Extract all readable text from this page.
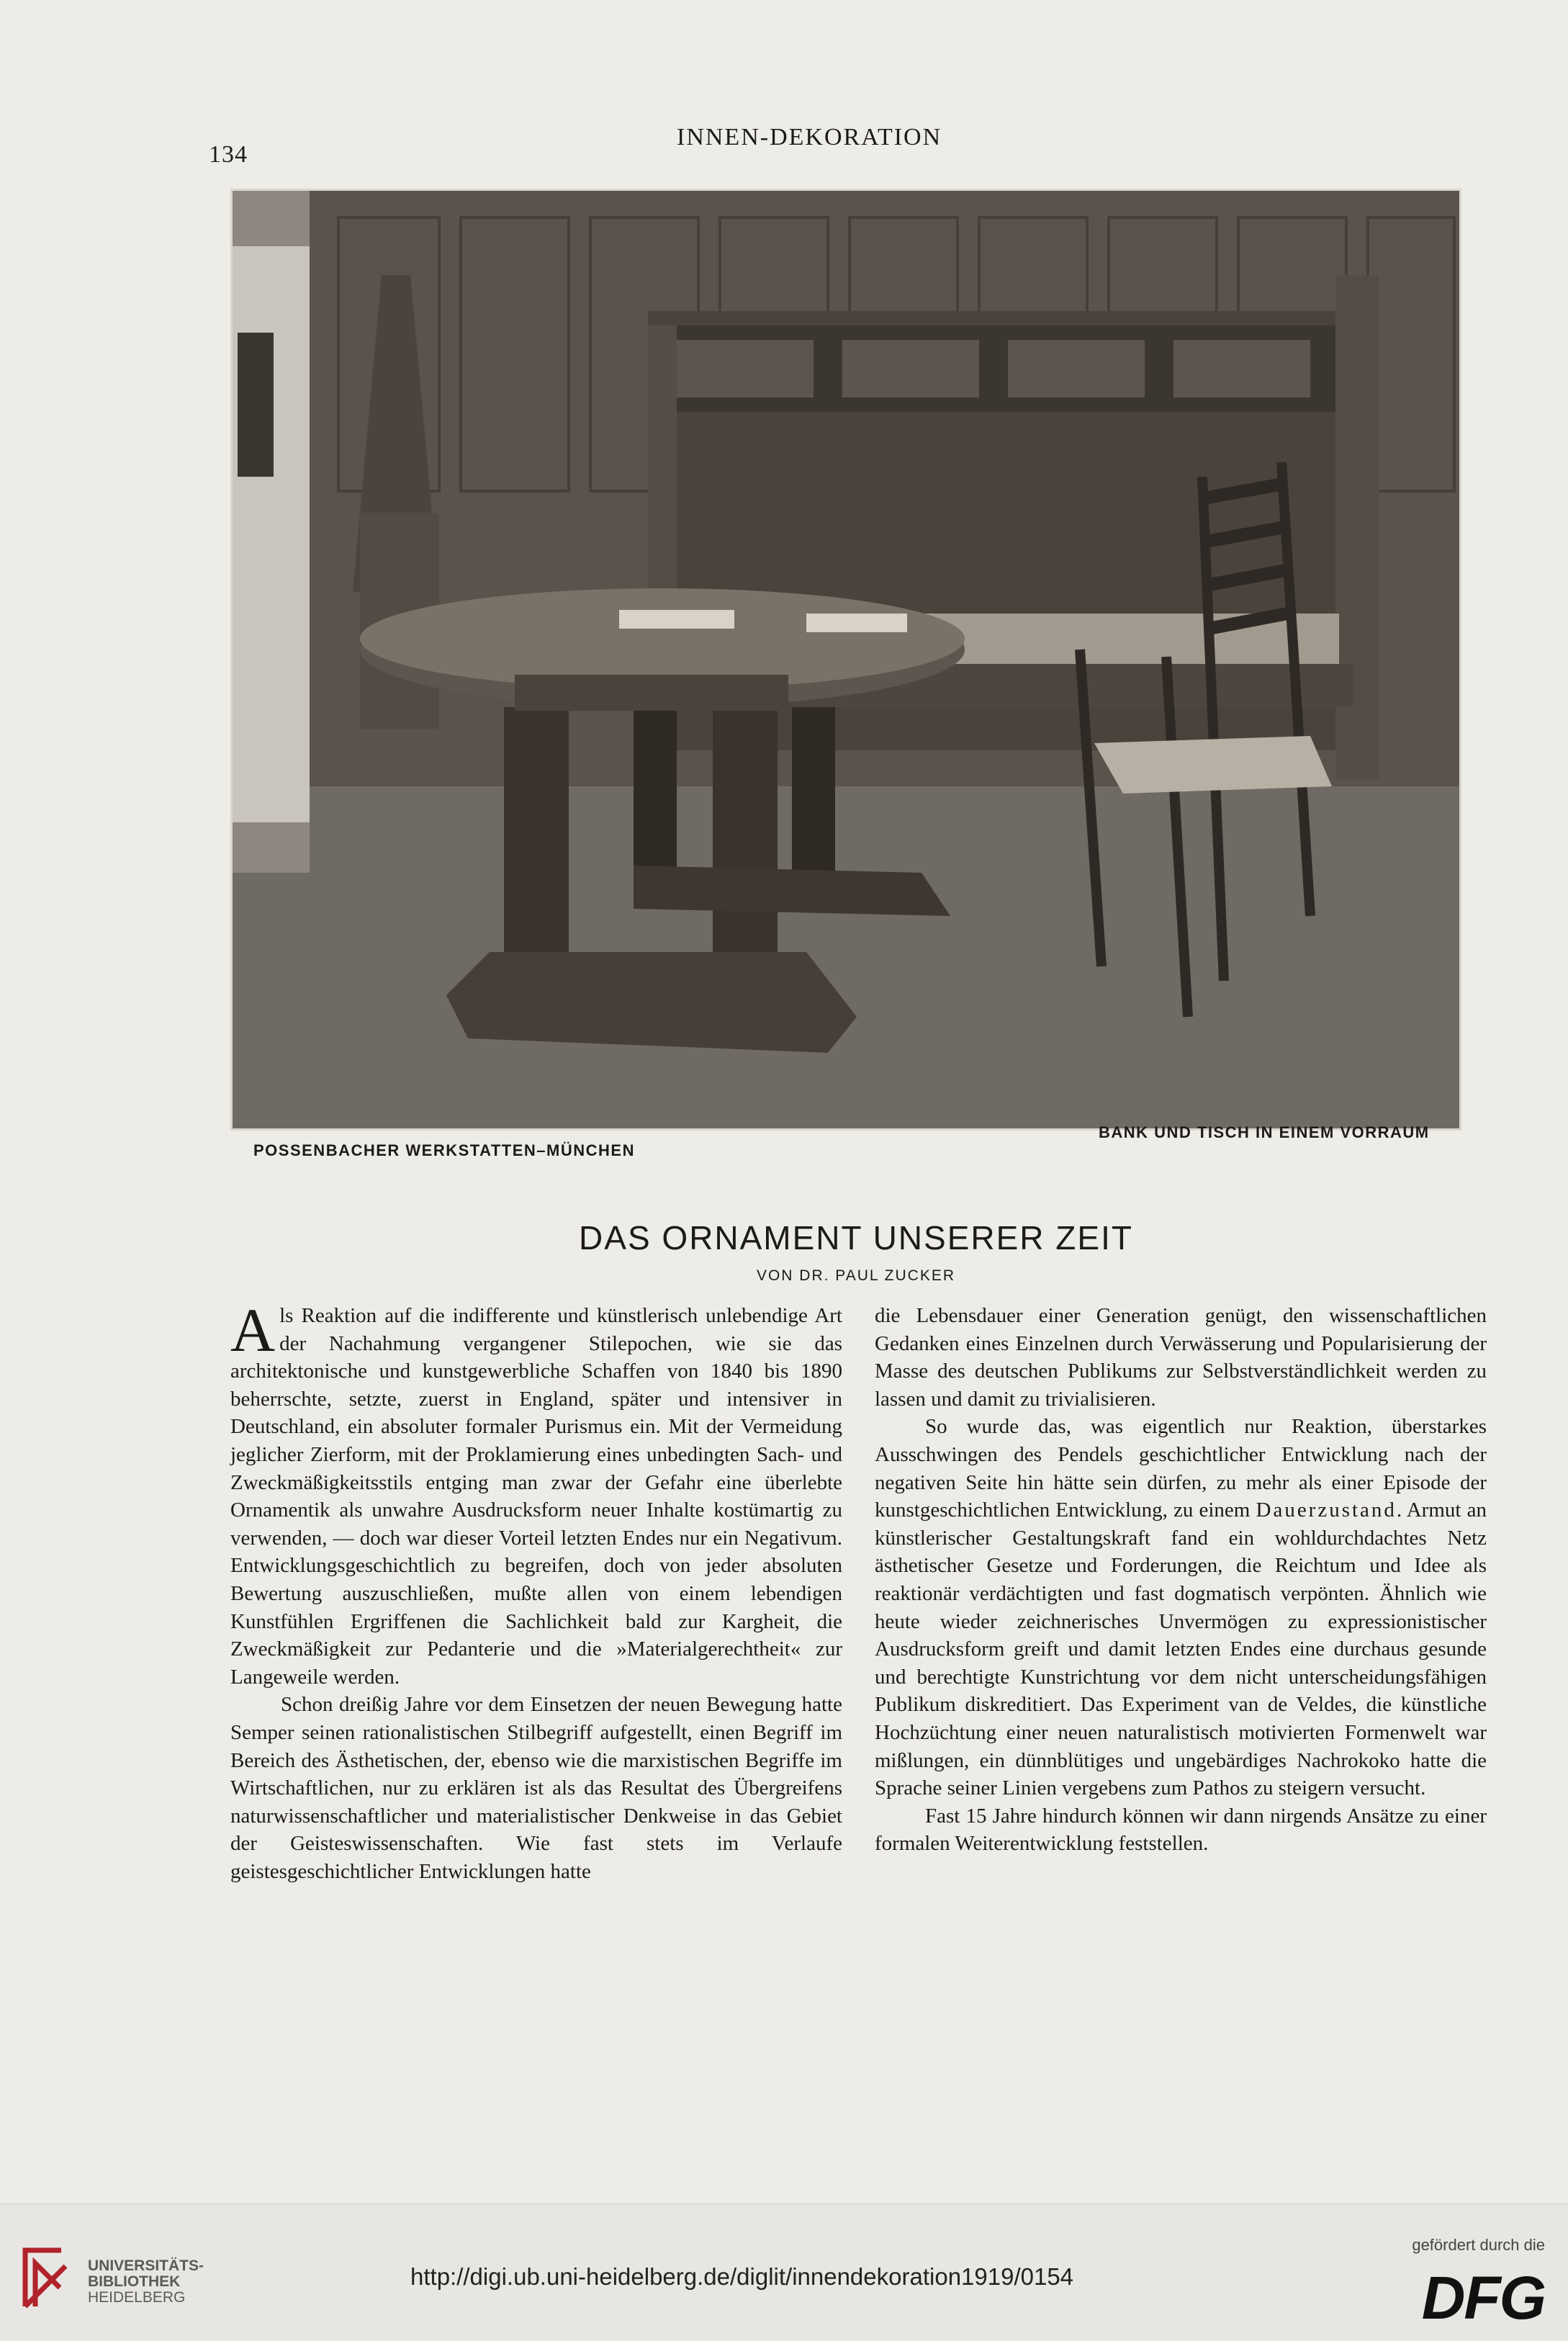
134
INNEN-DEKORATION
POSSENBACHER WERKSTATTEN–MÜNCHEN
BANK UND TISCH IN EINEM VORRAUM
DAS ORNAMENT UNSERER ZEIT
VON DR. PAUL ZUCKER

Als Reaktion auf die indifferente und künstlerisch unlebendige Art der Nachahmung vergangener Stilepochen, wie sie das architektonische und kunstgewerbliche Schaffen von 1840 bis 1890 beherrschte, setzte, zuerst in England, später und intensiver in Deutschland, ein absoluter formaler Purismus ein. Mit der Vermeidung jeglicher Zierform, mit der Proklamierung eines unbedingten Sach- und Zweckmäßigkeitsstils entging man zwar der Gefahr eine überlebte Ornamentik als unwahre Ausdrucksform neuer Inhalte kostümartig zu verwenden, — doch war dieser Vorteil letzten Endes nur ein Negativum. Entwicklungsgeschichtlich zu begreifen, doch von jeder absoluten Bewertung auszuschließen, mußte allen von einem lebendigen Kunstfühlen Ergriffenen die Sachlichkeit bald zur Kargheit, die Zweckmäßigkeit zur Pedanterie und die »Materialgerechtheit« zur Langeweile werden.

Schon dreißig Jahre vor dem Einsetzen der neuen Bewegung hatte Semper seinen rationalistischen Stilbegriff aufgestellt, einen Begriff im Bereich des Ästhetischen, der, ebenso wie die marxistischen Begriffe im Wirtschaftlichen, nur zu erklären ist als das Resultat des Übergreifens naturwissenschaftlicher und materialistischer Denkweise in das Gebiet der Geisteswissenschaften. Wie fast stets im Verlaufe geistesgeschichtlicher Entwicklungen hatte

die Lebensdauer einer Generation genügt, den wissenschaftlichen Gedanken eines Einzelnen durch Verwässerung und Popularisierung der Masse des deutschen Publikums zur Selbstverständlichkeit werden zu lassen und damit zu trivialisieren.

So wurde das, was eigentlich nur Reaktion, überstarkes Ausschwingen des Pendels geschichtlicher Entwicklung nach der negativen Seite hin hätte sein dürfen, zu mehr als einer Episode der kunstgeschichtlichen Entwicklung, zu einem Dauerzustand. Armut an künstlerischer Gestaltungskraft fand ein wohldurchdachtes Netz ästhetischer Gesetze und Forderungen, die Reichtum und Idee als reaktionär verdächtigten und fast dogmatisch verpönten. Ähnlich wie heute wieder zeichnerisches Unvermögen zu expressionistischer Ausdrucksform greift und damit letzten Endes eine durchaus gesunde und berechtigte Kunstrichtung vor dem nicht unterscheidungsfähigen Publikum diskreditiert. Das Experiment van de Veldes, die künstliche Hochzüchtung einer neuen naturalistisch motivierten Formenwelt war mißlungen, ein dünnblütiges und ungebärdiges Nachrokoko hatte die Sprache seiner Linien vergebens zum Pathos zu steigern versucht.

Fast 15 Jahre hindurch können wir dann nirgends Ansätze zu einer formalen Weiterentwicklung feststellen.

UNIVERSITÄTS-
BIBLIOTHEK
HEIDELBERG
http://digi.ub.uni-heidelberg.de/diglit/innendekoration1919/0154
gefördert durch die
DFG
